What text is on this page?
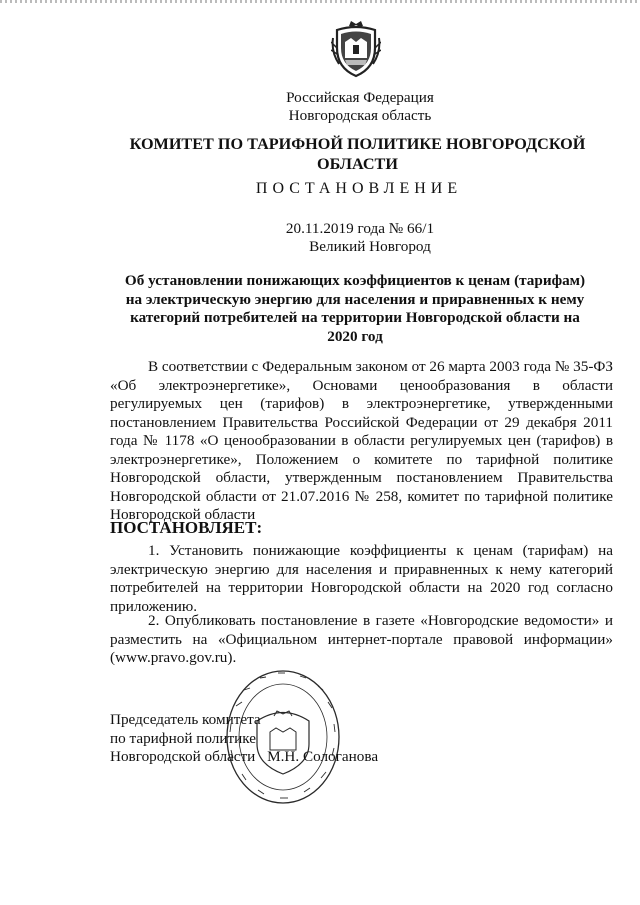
Российская Федерация
Новгородская область
КОМИТЕТ ПО ТАРИФНОЙ ПОЛИТИКЕ НОВГОРОДСКОЙ ОБЛАСТИ
ПОСТАНОВЛЕНИЕ
20.11.2019 года № 66/1
Великий Новгород
Об установлении понижающих коэффициентов к ценам (тарифам) на электрическую энергию для населения и приравненных к нему категорий потребителей на территории Новгородской области на 2020 год

В соответствии с Федеральным законом от 26 марта 2003 года № 35-ФЗ «Об электроэнергетике», Основами ценообразования в области регулируемых цен (тарифов) в электроэнергетике, утвержденными постановлением Правительства Российской Федерации от 29 декабря 2011 года № 1178 «О ценообразовании в области регулируемых цен (тарифов) в электроэнергетике», Положением о комитете по тарифной политике Новгородской области, утвержденным постановлением Правительства Новгородской области от 21.07.2016 № 258, комитет по тарифной политике Новгородской области

ПОСТАНОВЛЯЕТ:

1. Установить понижающие коэффициенты к ценам (тарифам) на электрическую энергию для населения и приравненных к нему категорий потребителей на территории Новгородской области на 2020 год согласно приложению.

2. Опубликовать постановление в газете «Новгородские ведомости» и разместить на «Официальном интернет-портале правовой информации» (www.pravo.gov.ru).

Председатель комитета
по тарифной политике
Новгородской области М.Н. Сологанова
